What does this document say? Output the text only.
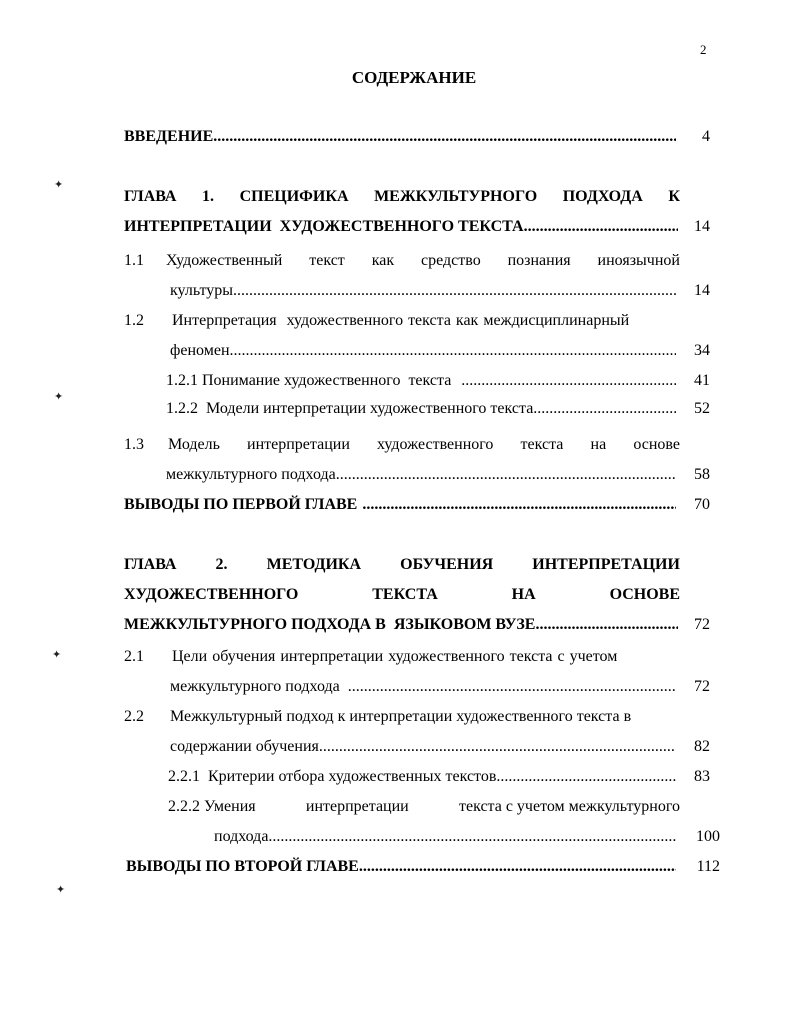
2
СОДЕРЖАНИЕ
✦
✦
✦
✦
ВВЕДЕНИЕ .....	4
ГЛАВА 1. СПЕЦИФИКА МЕЖКУЛЬТУРНОГО ПОДХОДА К
ИНТЕРПРЕТАЦИИ  ХУДОЖЕСТВЕННОГО ТЕКСТА .....	14
1.1 Художественный текст как средство познания иноязычной
культуры .....	14
1.2 Интерпретация  художественного текста как междисциплинарный
феномен .....	34
1.2.1 Понимание художественного  текста .....	41
1.2.2  Модели интерпретации художественного текста .....	52
1.3 Модель интерпретации художественного текста на основе
межкультурного подхода .....	58
ВЫВОДЫ ПО ПЕРВОЙ ГЛАВЕ .....	70
ГЛАВА 2. МЕТОДИКА ОБУЧЕНИЯ ИНТЕРПРЕТАЦИИ
ХУДОЖЕСТВЕННОГО	ТЕКСТА	НА	ОСНОВЕ
МЕЖКУЛЬТУРНОГО ПОДХОДА В  ЯЗЫКОВОМ ВУЗЕ .....	72
2.1 Цели обучения интерпретации художественного текста с учетом
межкультурного подхода .....	72
2.2 Межкультурный подход к интерпретации художественного текста в
содержании обучения .....	82
2.2.1  Критерии отбора художественных текстов .....	83
2.2.2 Умения	интерпретации	текста с учетом межкультурного
подхода .....	100
ВЫВОДЫ ПО ВТОРОЙ ГЛАВЕ .....	112
